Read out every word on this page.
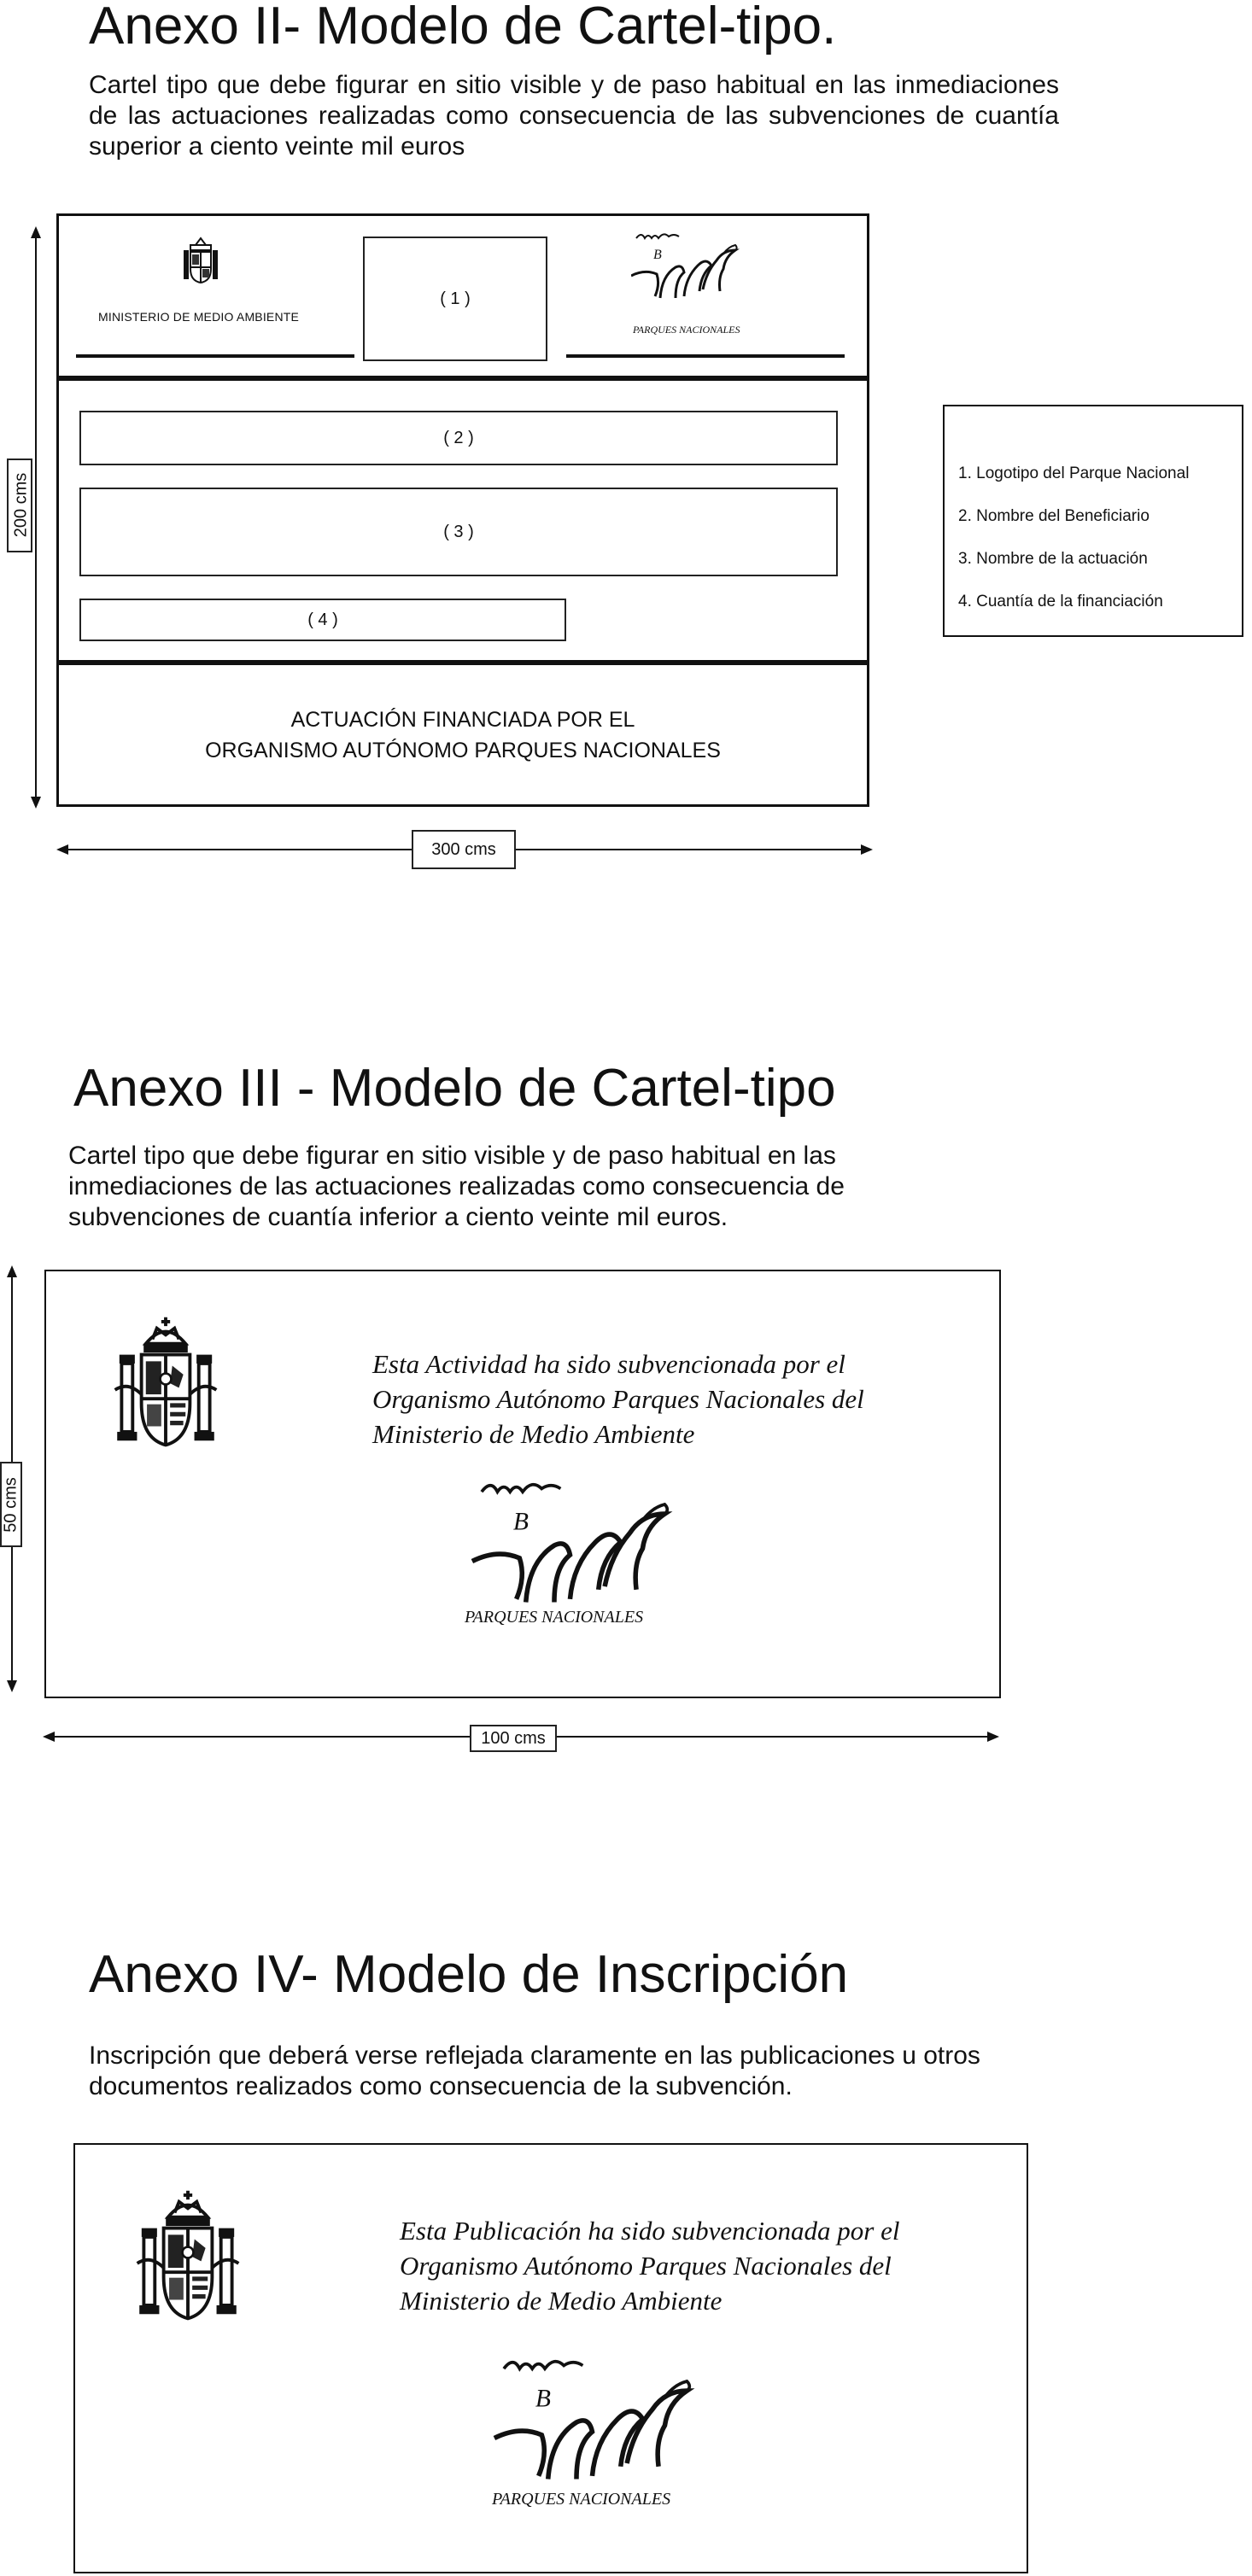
Anexo II- Modelo de Cartel-tipo.
Cartel tipo que debe figurar en sitio visible y de paso habitual en las inmediaciones de las actuaciones realizadas como consecuencia de las subvenciones de cuantía superior a ciento veinte mil euros
200 cms
MINISTERIO DE MEDIO AMBIENTE
( 1 )
PARQUES NACIONALES
( 2 )
( 3 )
( 4 )
ACTUACIÓN FINANCIADA POR EL
ORGANISMO AUTÓNOMO PARQUES NACIONALES
1. Logotipo del Parque Nacional
2. Nombre del Beneficiario
3. Nombre de la actuación
4. Cuantía de la financiación
300 cms
Anexo III - Modelo de Cartel-tipo
Cartel tipo que debe figurar en sitio visible y de paso habitual en las inmediaciones de las actuaciones realizadas como consecuencia de subvenciones de cuantía inferior a ciento veinte mil euros.
50 cms
Esta Actividad ha sido subvencionada por el
Organismo Autónomo Parques Nacionales del
Ministerio de Medio Ambiente
PARQUES NACIONALES
100 cms
Anexo IV- Modelo de Inscripción
Inscripción que deberá verse reflejada claramente en las publicaciones u otros documentos realizados como consecuencia de la subvención.
Esta Publicación ha sido subvencionada por el
Organismo Autónomo Parques Nacionales del
Ministerio de Medio Ambiente
PARQUES NACIONALES
